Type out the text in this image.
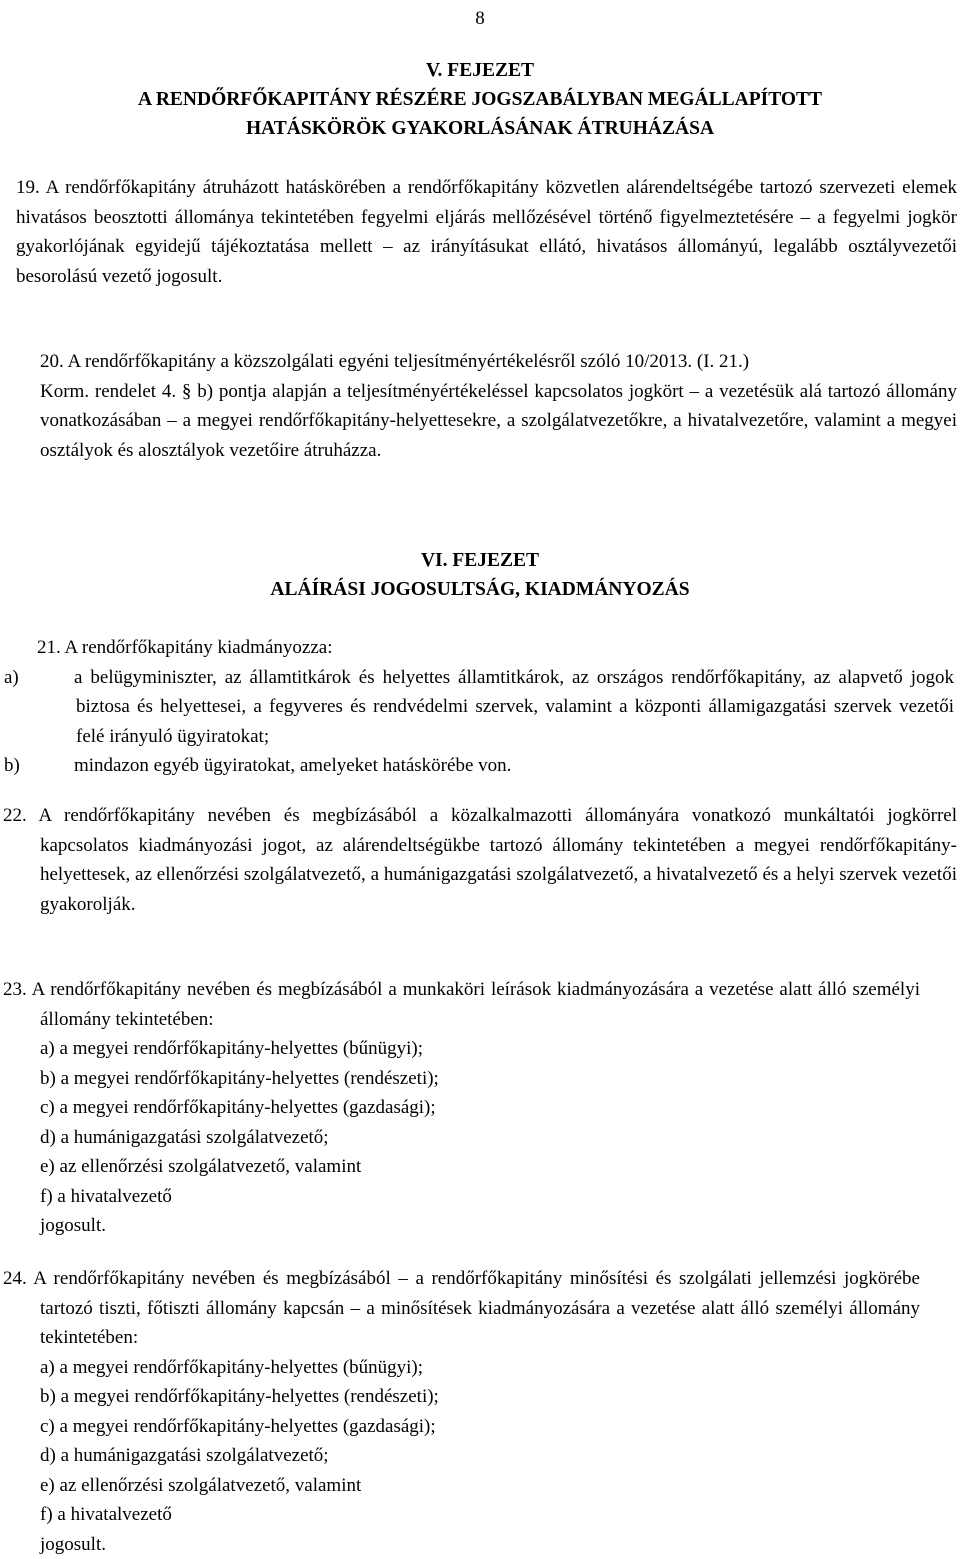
8
V. FEJEZET
A RENDŐRFŐKAPITÁNY RÉSZÉRE JOGSZABÁLYBAN MEGÁLLAPÍTOTT
HATÁSKÖRÖK GYAKORLÁSÁNAK ÁTRUHÁZÁSA
19. A rendőrfőkapitány átruházott hatáskörében a rendőrfőkapitány közvetlen alárendeltségébe tartozó szervezeti elemek hivatásos beosztotti állománya tekintetében fegyelmi eljárás mellőzésével történő figyelmeztetésére – a fegyelmi jogkör gyakorlójának egyidejű tájékoztatása mellett – az irányításukat ellátó, hivatásos állományú, legalább osztályvezetői besorolású vezető jogosult.
20. A rendőrfőkapitány a közszolgálati egyéni teljesítményértékelésről szóló 10/2013. (I. 21.)
Korm. rendelet 4. § b) pontja alapján a teljesítményértékeléssel kapcsolatos jogkört – a vezetésük alá tartozó állomány vonatkozásában – a megyei rendőrfőkapitány-helyettesekre, a szolgálatvezetőkre, a hivatalvezetőre, valamint a megyei osztályok és alosztályok vezetőire átruházza.
VI. FEJEZET
ALÁÍRÁSI JOGOSULTSÁG, KIADMÁNYOZÁS
21. A rendőrfőkapitány kiadmányozza:
a)	a belügyminiszter, az államtitkárok és helyettes államtitkárok, az országos rendőrfőkapitány, az alapvető jogok biztosa és helyettesei, a fegyveres és rendvédelmi szervek, valamint a központi államigazgatási szervek vezetői felé irányuló ügyiratokat;
b)	mindazon egyéb ügyiratokat, amelyeket hatáskörébe von.
22. A rendőrfőkapitány nevében és megbízásából a közalkalmazotti állományára vonatkozó munkáltatói jogkörrel kapcsolatos kiadmányozási jogot, az alárendeltségükbe tartozó állomány tekintetében a megyei rendőrfőkapitány-helyettesek, az ellenőrzési szolgálatvezető, a humánigazgatási szolgálatvezető, a hivatalvezető és a helyi szervek vezetői gyakorolják.
23. A rendőrfőkapitány nevében és megbízásából a munkaköri leírások kiadmányozására a vezetése alatt álló személyi állomány tekintetében:
a) a megyei rendőrfőkapitány-helyettes (bűnügyi);
b) a megyei rendőrfőkapitány-helyettes (rendészeti);
c) a megyei rendőrfőkapitány-helyettes (gazdasági);
d) a humánigazgatási szolgálatvezető;
e) az ellenőrzési szolgálatvezető, valamint
f) a hivatalvezető
jogosult.
24. A rendőrfőkapitány nevében és megbízásából – a rendőrfőkapitány minősítési és szolgálati jellemzési jogkörébe tartozó tiszti, főtiszti állomány kapcsán – a minősítések kiadmányozására a vezetése alatt álló személyi állomány tekintetében:
a) a megyei rendőrfőkapitány-helyettes (bűnügyi);
b) a megyei rendőrfőkapitány-helyettes (rendészeti);
c) a megyei rendőrfőkapitány-helyettes (gazdasági);
d) a humánigazgatási szolgálatvezető;
e) az ellenőrzési szolgálatvezető, valamint
f) a hivatalvezető
jogosult.
